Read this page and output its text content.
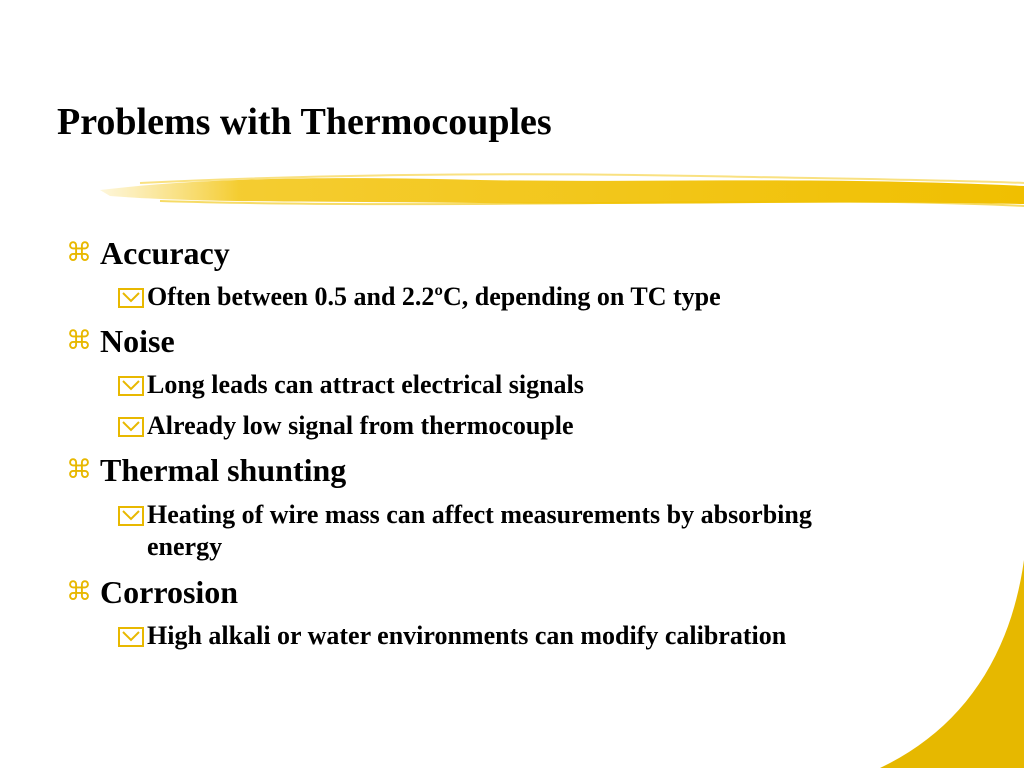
Problems with Thermocouples
⌘ Accuracy
Often between 0.5 and 2.2ºC, depending on TC type
⌘ Noise
Long leads can attract electrical signals
Already low signal from thermocouple
⌘ Thermal shunting
Heating of wire mass can affect measurements by absorbing energy
⌘ Corrosion
High alkali or water environments can modify calibration
